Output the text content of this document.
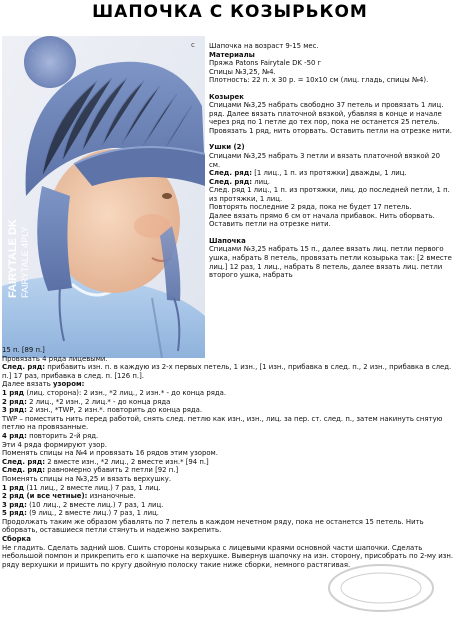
ШАПОЧКА С КОЗЫРЬКОМ
FAIRYTALE DK FAIRYTALE 4PLY
c Шапочка на возраст 9-15 мес.

Материалы

Пряжа Patons Fairytale DK -50 г

Спицы №3,25, №4.

Плотность: 22 п. х 30 р. = 10х10 см (лиц. гладь, спицы №4).

Козырек

Спицами №3,25 набрать свободно 37 петель и провязать 1 лиц. ряд. Далее вязать платочной вязкой, убавляя в конце и начале через ряд по 1 петле до тех пор, пока не останется 25 петель. Провязать 1 ряд, нить оторвать. Оставить петли на отрезке нити.

Ушки (2)

Спицами №3,25 набрать 3 петли и вязать платочной вязкой 20 см.

След. ряд: [1 лиц., 1 п. из протяжки] дважды, 1 лиц.

След. ряд: лиц.

След. ряд 1 лиц., 1 п. из протяжки, лиц. до последней петли, 1 п. из протяжки, 1 лиц.

Повторять последние 2 ряда, пока не будет 17 петель.

Далее вязать прямо 6 см от начала прибавок. Нить оборвать. Оставить петли на отрезке нити.

Шапочка

Спицами №3,25 набрать 15 п., далее вязать лиц. петли первого ушка, набрать 8 петель, провязать петли козырька так: [2 вместе лиц.] 12 раз, 1 лиц., набрать 8 петель, далее вязать лиц. петли второго ушка, набрать

15 п. [89 п.]

Провязать 4 ряда лицевыми.

След. ряд: прибавить изн. п. в каждую из 2-х первых петель, 1 изн., [1 изн., прибавка в след. п., 2 изн., прибавка в след. п.] 17 раз, прибавка в след. п. [126 п.].

Далее вязать узором:

1 ряд (лиц. сторона): 2 изн., *2 лиц., 2 изн.* - до конца ряда.

2 ряд: 2 лиц., *2 изн., 2 лиц.* - до конца ряда

3 ряд: 2 изн., *TWP, 2 изн.*. повторить до конца ряда.

TWP – поместить нить перед работой, снять след. петлю как изн., изн., лиц. за пер. ст. след. п., затем накинуть снятую петлю на провязанные.

4 ряд: повторить 2-й ряд.

Эти 4 ряда формируют узор.

Поменять спицы на №4 и провязать 16 рядов этим узором.

След. ряд: 2 вместе изн., *2 лиц., 2 вместе изн.* [94 п.]

След. ряд: равномерно убавить 2 петли [92 п.]

Поменять спицы на №3,25 и вязать верхушку.

1 ряд (11 лиц., 2 вместе лиц.) 7 раз, 1 лиц.

2 ряд (и все четные): изнаночные.

3 ряд: (10 лиц., 2 вместе лиц.) 7 раз, 1 лиц.

5 ряд: (9 лиц., 2 вместе лиц.) 7 раз, 1 лиц.

Продолжать таким же образом убавлять по 7 петель в каждом нечетном ряду, пока не останется 15 петель. Нить оборвать, оставшиеся петли стянуть и надежно закрепить.

Сборка

Не гладить. Сделать задний шов. Сшить стороны козырька с лицевыми краями основной части шапочки. Сделать небольшой помпон и прикрепить его к шапочке на верхушке. Вывернув шапочку на изн. сторону, присобрать по 2-му изн. ряду верхушки и пришить по кругу двойную полоску такие ниже сборки, немного растягивая.
